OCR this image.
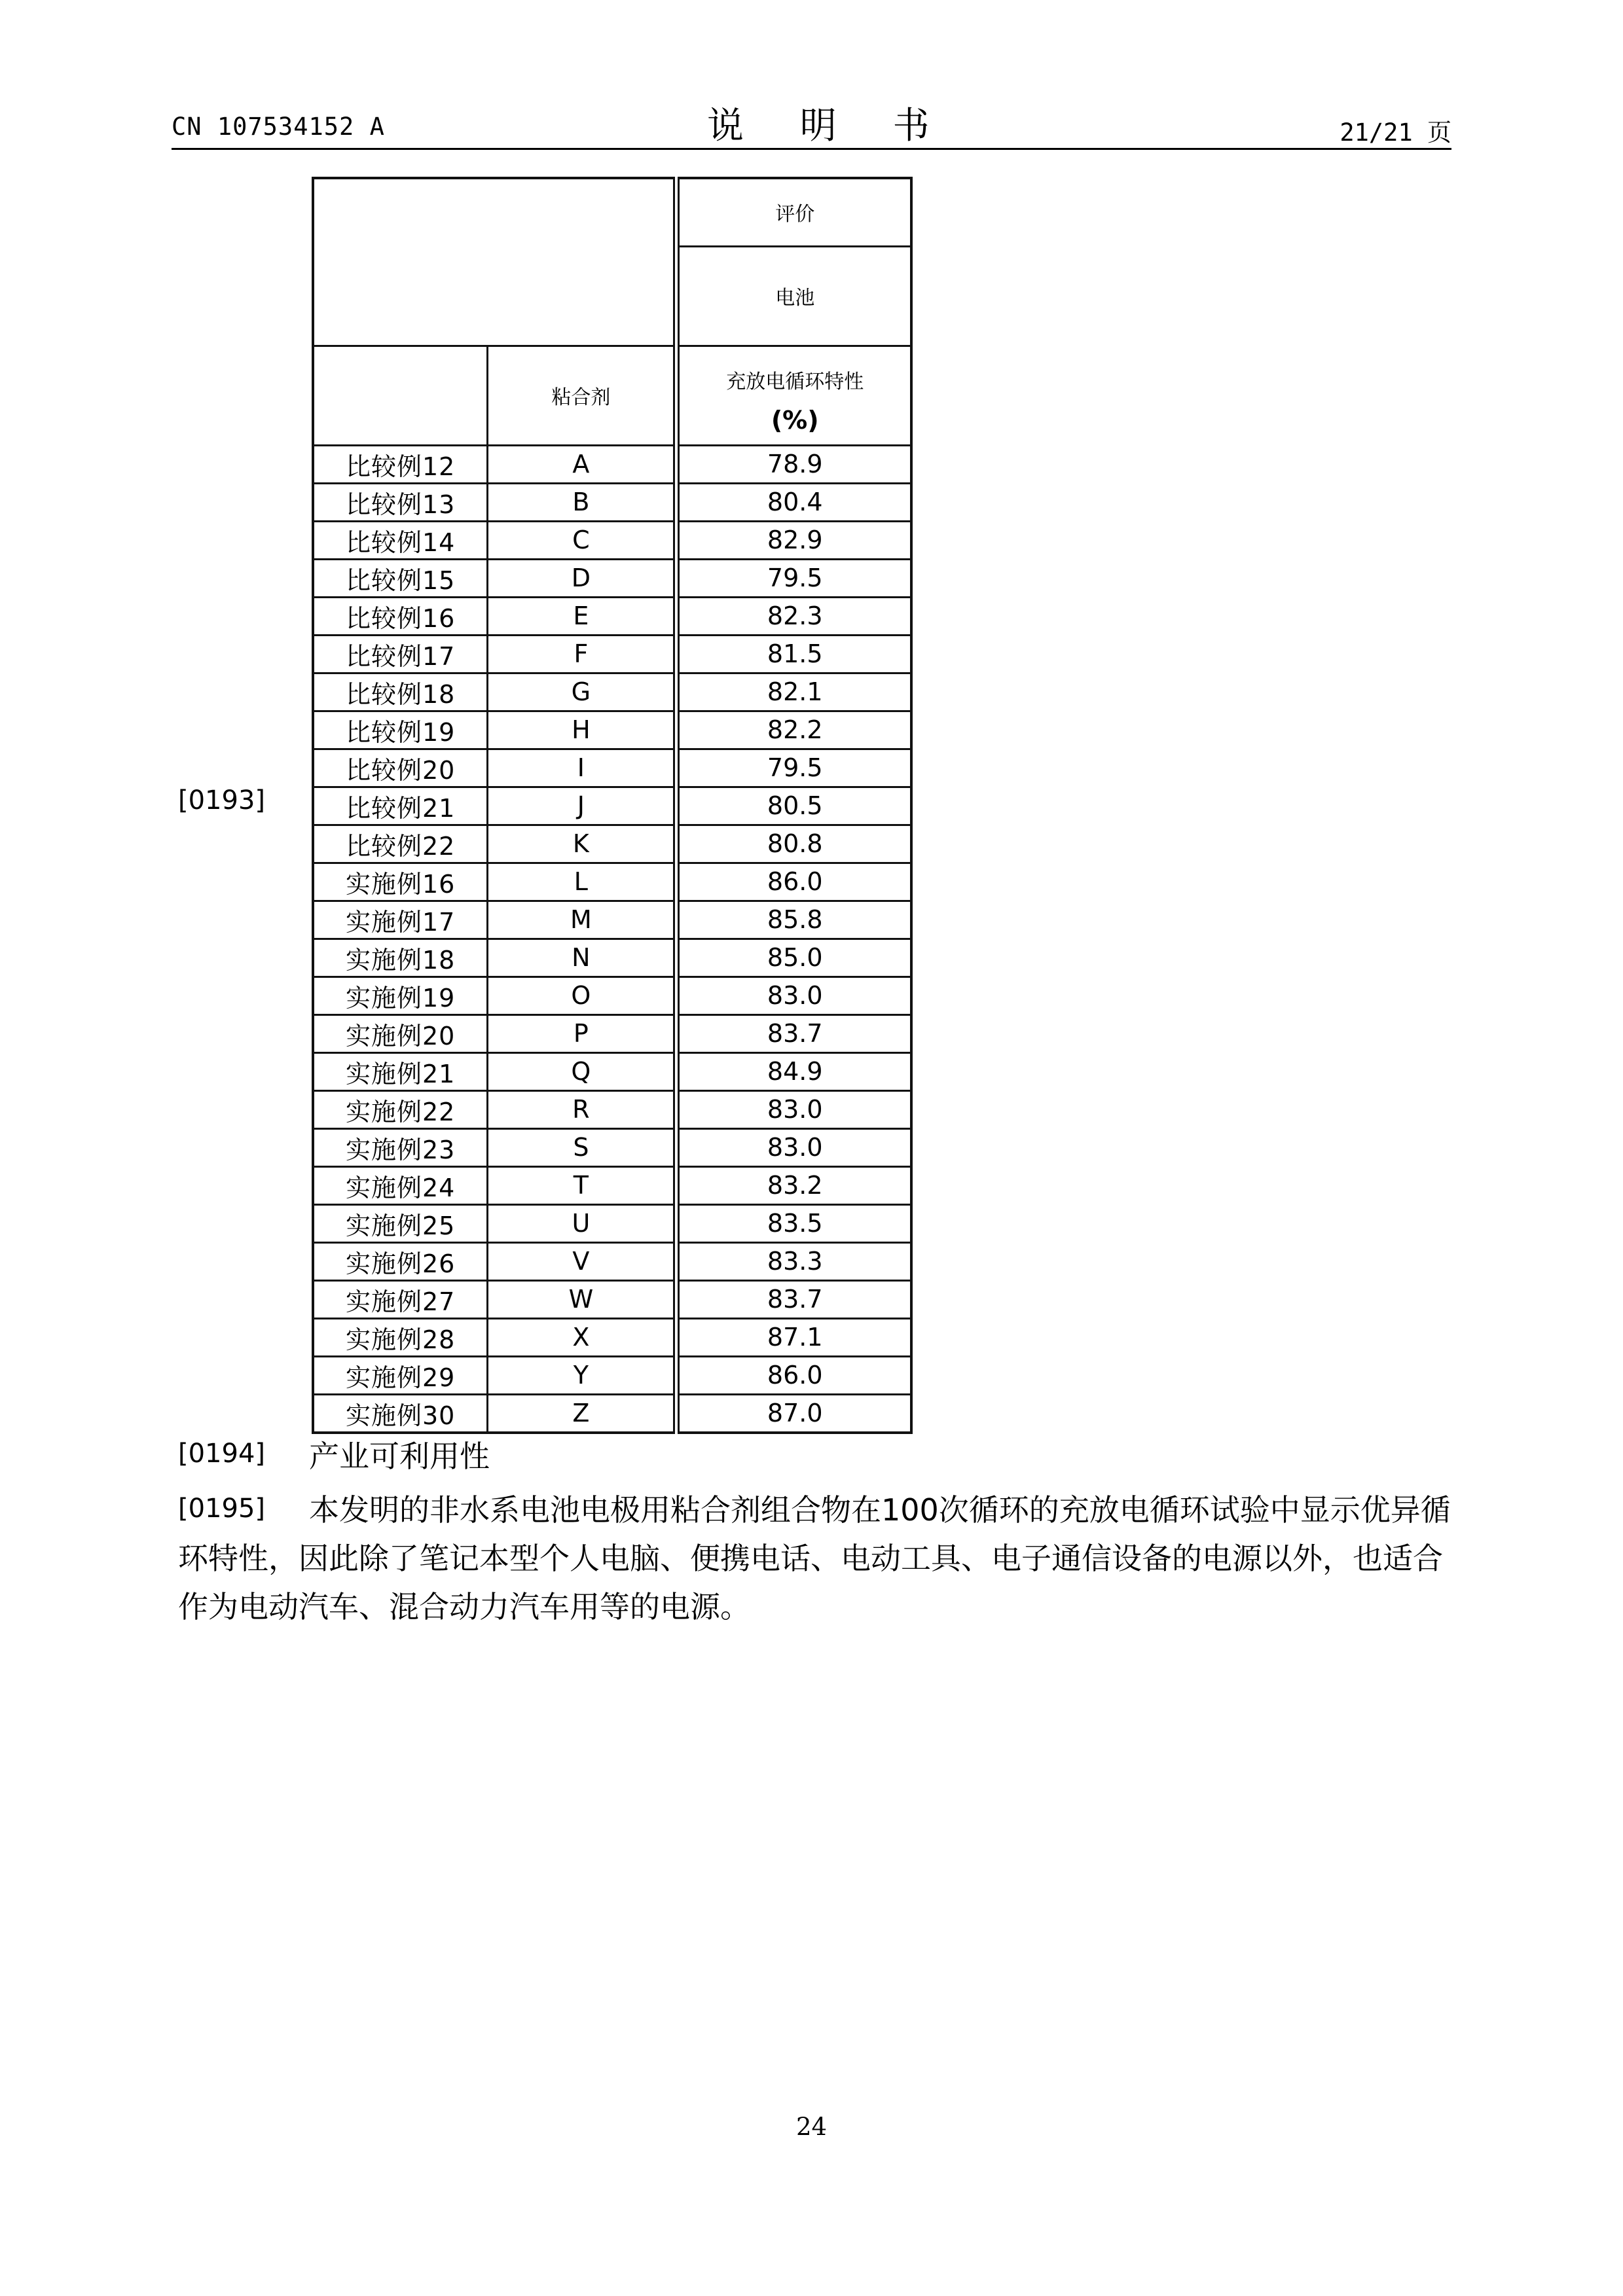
CN 107534152 A	说 明 书	21/21 页
[0193]
		评价
		电池
	粘合剂	充放电循环特性
(%)

比较例12	A	78.9
比较例13	B	80.4
比较例14	C	82.9
比较例15	D	79.5
比较例16	E	82.3
比较例17	F	81.5
比较例18	G	82.1
比较例19	H	82.2
比较例20	I	79.5
比较例21	J	80.5
比较例22	K	80.8
实施例16	L	86.0
实施例17	M	85.8
实施例18	N	85.0
实施例19	O	83.0
实施例20	P	83.7
实施例21	Q	84.9
实施例22	R	83.0
实施例23	S	83.0
实施例24	T	83.2
实施例25	U	83.5
实施例26	V	83.3
实施例27	W	83.7
实施例28	X	87.1
实施例29	Y	86.0
实施例30	Z	87.0
[0194] 产业可利用性
[0195]	本发明的非水系电池电极用粘合剂组合物在100次循环的充放电循环试验中显示优异循环特性，因此除了笔记本型个人电脑、便携电话、电动工具、电子通信设备的电源以外，也适合作为电动汽车、混合动力汽车用等的电源。
24
